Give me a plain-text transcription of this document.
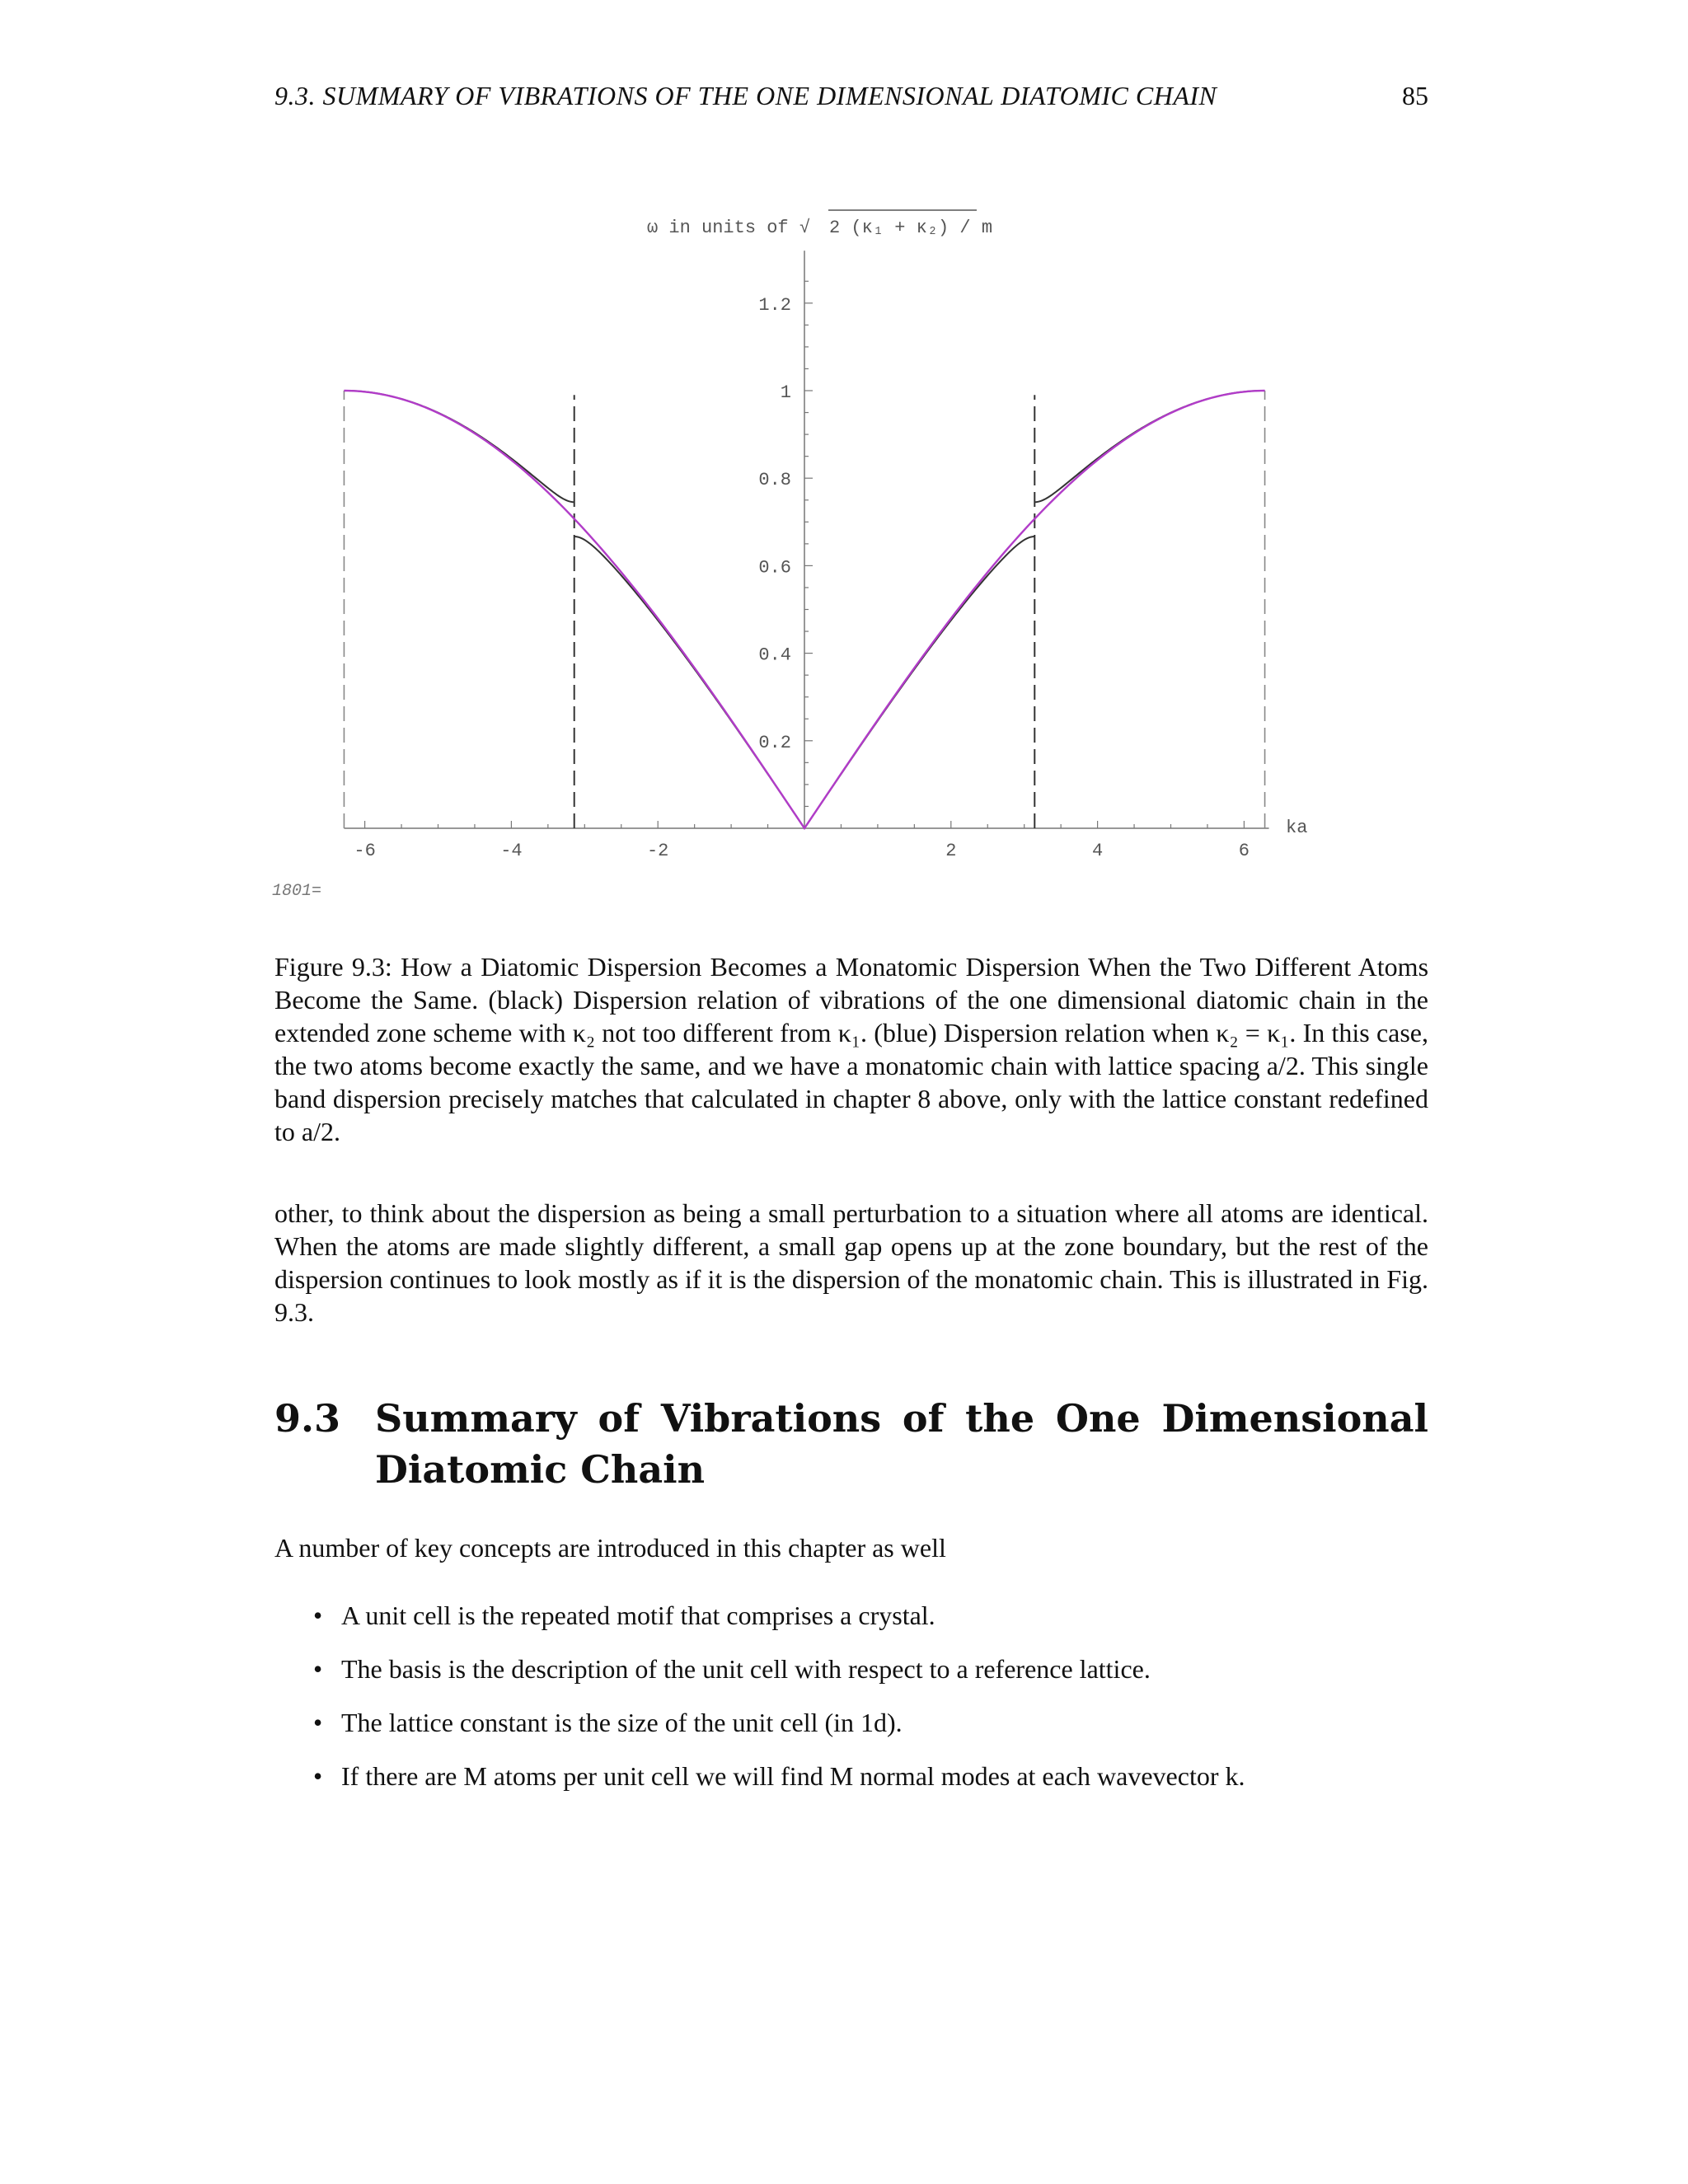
9.3. SUMMARY OF VIBRATIONS OF THE ONE DIMENSIONAL DIATOMIC CHAIN	85
-6	-4	-2	2	4	6
0.2
0.4
0.6
0.8
1
1.2
ω in units of √ 2 (κ₁ + κ₂) / m
ka
1801=
Figure 9.3: How a Diatomic Dispersion Becomes a Monatomic Dispersion When the Two Different Atoms Become the Same. (black) Dispersion relation of vibrations of the one dimensional diatomic chain in the extended zone scheme with κ₂ not too different from κ₁. (blue) Dispersion relation when κ₂ = κ₁. In this case, the two atoms become exactly the same, and we have a monatomic chain with lattice spacing a/2. This single band dispersion precisely matches that calculated in chapter 8 above, only with the lattice constant redefined to a/2.
other, to think about the dispersion as being a small perturbation to a situation where all atoms are identical. When the atoms are made slightly different, a small gap opens up at the zone boundary, but the rest of the dispersion continues to look mostly as if it is the dispersion of the monatomic chain. This is illustrated in Fig. 9.3.
9.3 Summary of Vibrations of the One Dimensional Diatomic Chain
A number of key concepts are introduced in this chapter as well
• A unit cell is the repeated motif that comprises a crystal.
• The basis is the description of the unit cell with respect to a reference lattice.
• The lattice constant is the size of the unit cell (in 1d).
• If there are M atoms per unit cell we will find M normal modes at each wavevector k.
